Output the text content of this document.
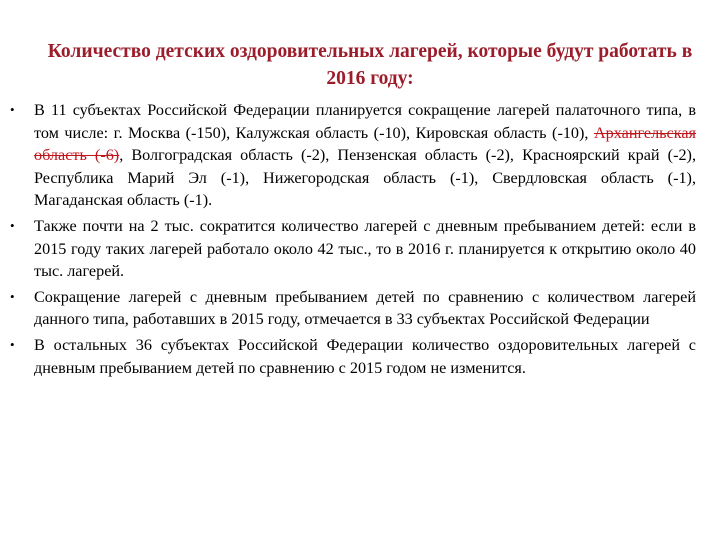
Количество детских оздоровительных лагерей, которые будут работать в 2016 году:
• В 11 субъектах Российской Федерации планируется сокращение лагерей палаточного типа, в том числе: г. Москва (-150), Калужская область (-10), Кировская область (-10), Архангельская область (-6), Волгоградская область (-2), Пензенская область (-2), Красноярский край (-2), Республика Марий Эл (-1), Нижегородская область (-1), Свердловская область (-1), Магаданская область (-1).
• Также почти на 2 тыс. сократится количество лагерей с дневным пребыванием детей: если в 2015 году таких лагерей работало около 42 тыс., то в 2016 г. планируется к открытию около 40 тыс. лагерей.
• Сокращение лагерей с дневным пребыванием детей по сравнению с количеством лагерей данного типа, работавших в 2015 году, отмечается в 33 субъектах Российской Федерации
• В остальных 36 субъектах Российской Федерации количество оздоровительных лагерей с дневным пребыванием детей по сравнению с 2015 годом не изменится.
